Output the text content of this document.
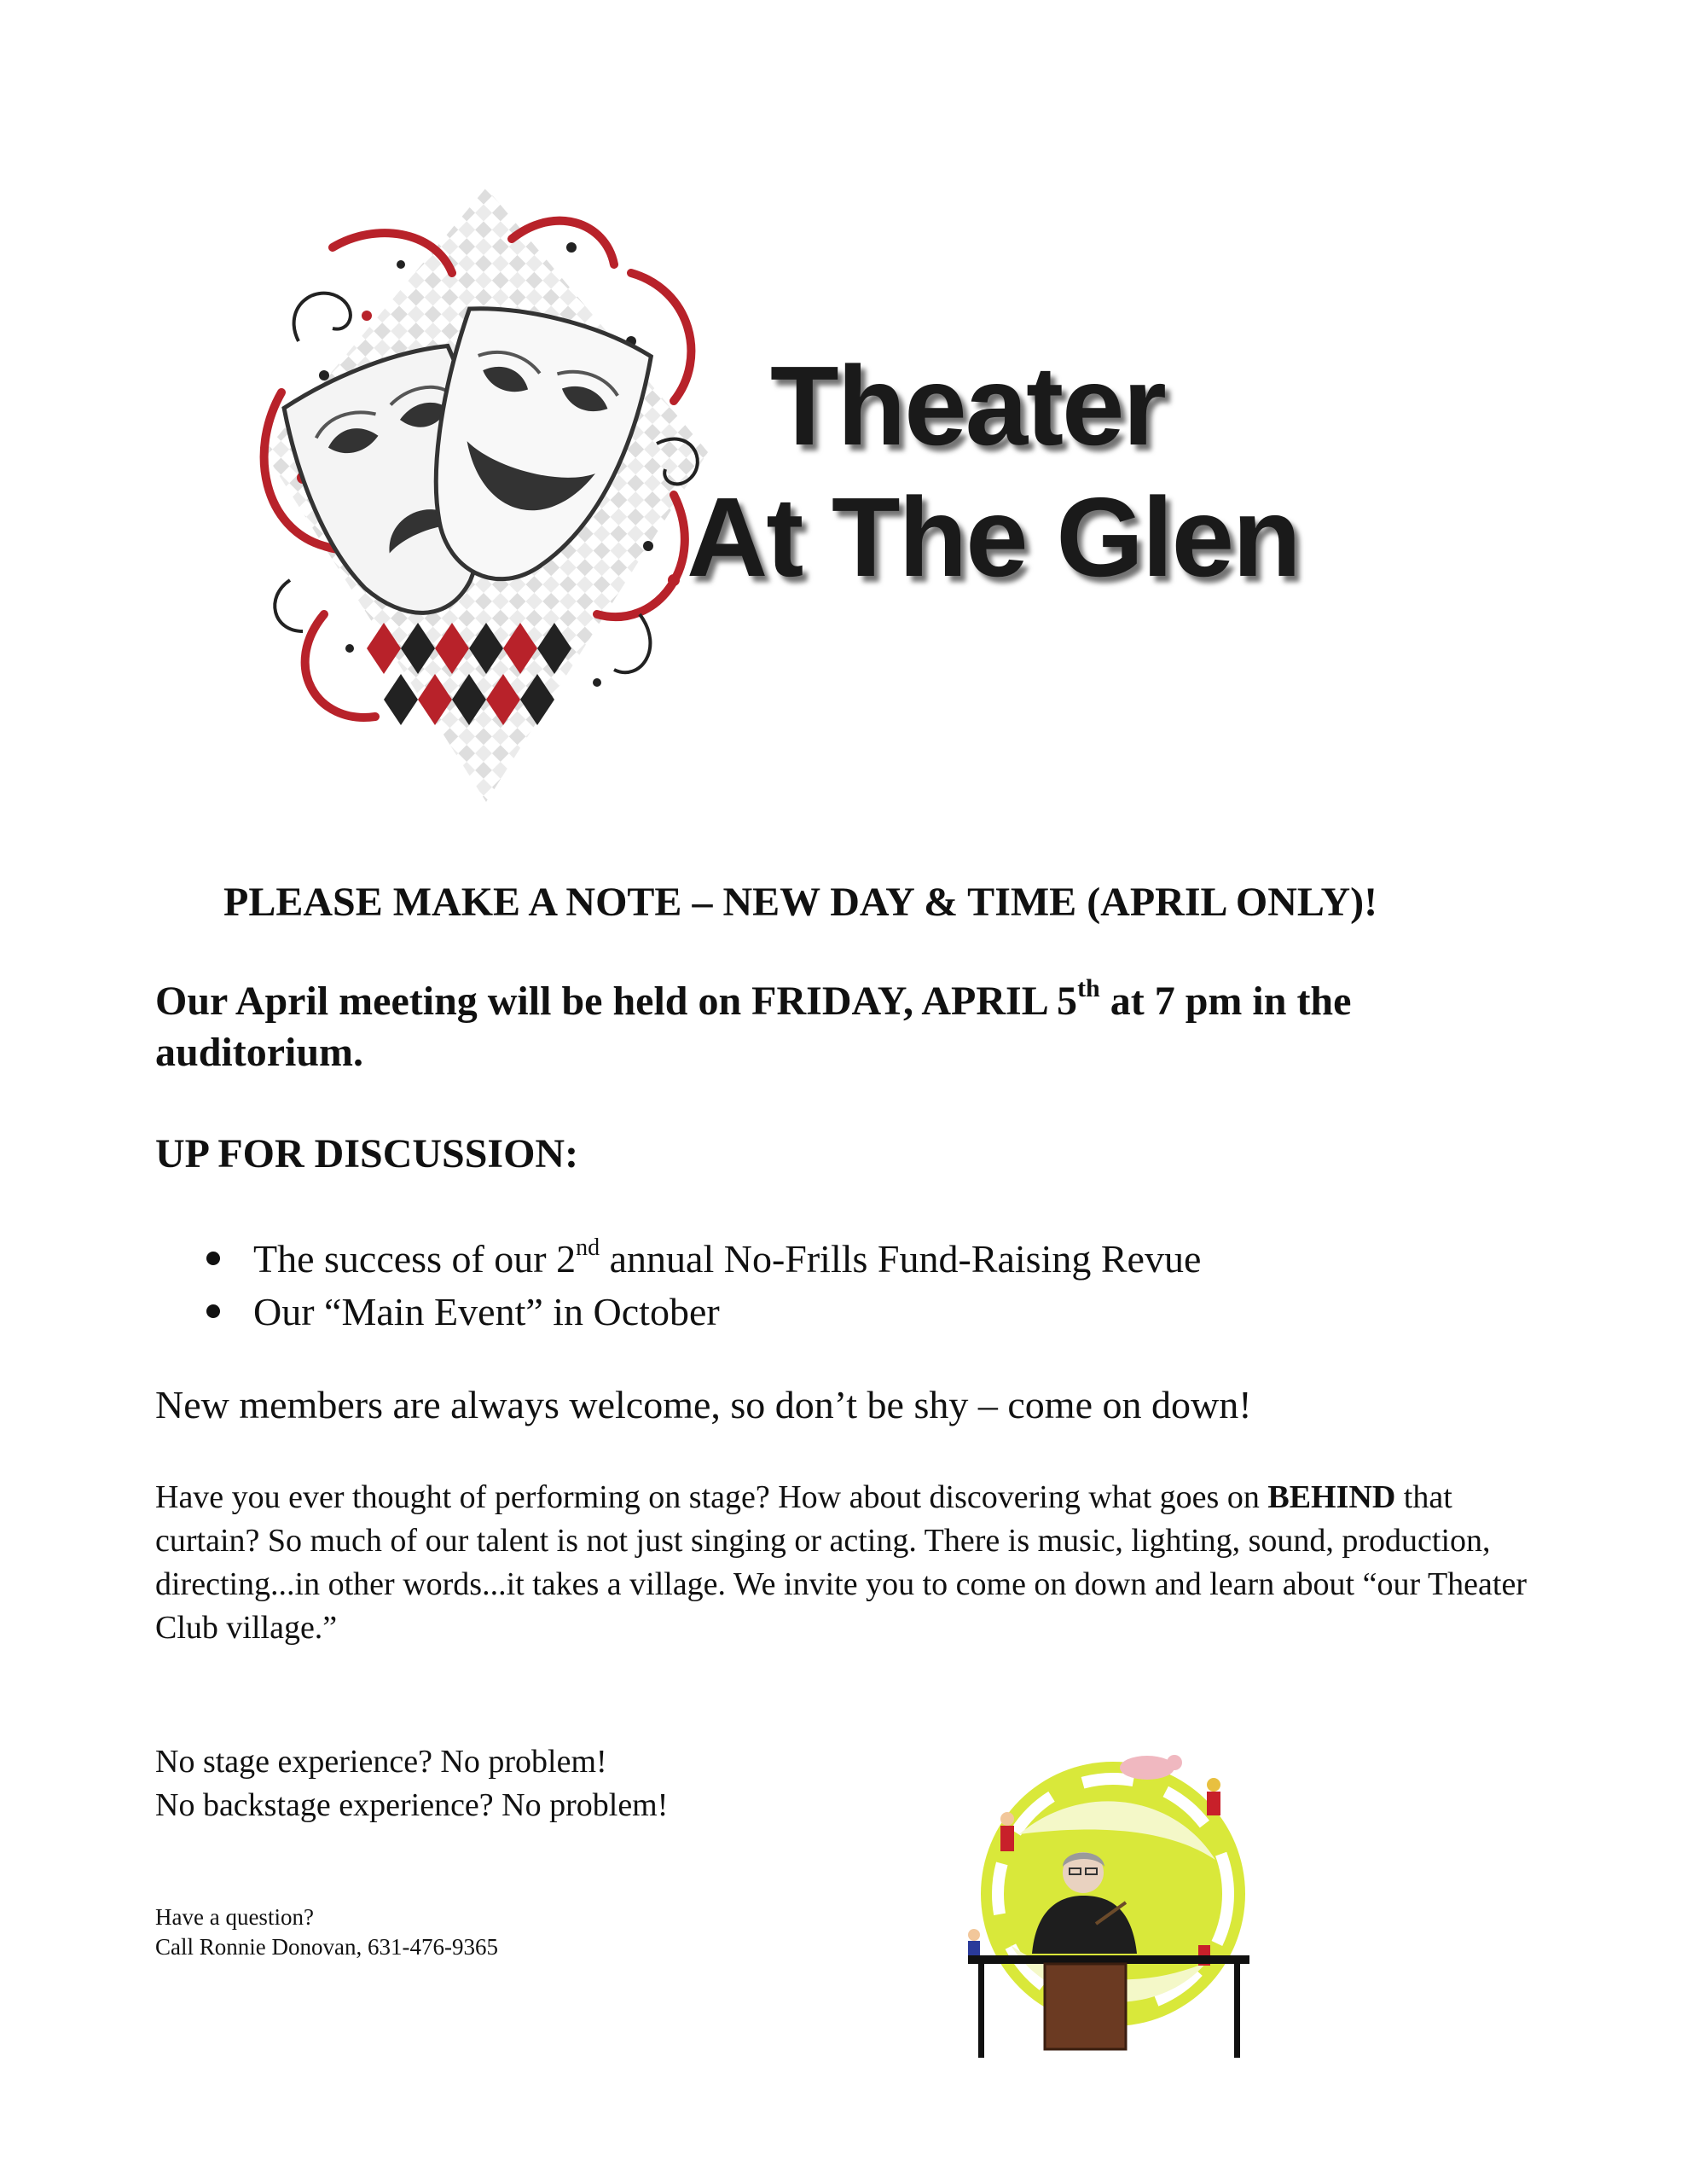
Theater
At The Glen
PLEASE MAKE A NOTE – NEW DAY & TIME (APRIL ONLY)!
Our April meeting will be held on FRIDAY, APRIL 5th at 7 pm in the auditorium.
UP FOR DISCUSSION:
The success of our 2nd annual No-Frills Fund-Raising Revue
Our “Main Event” in October
New members are always welcome, so don’t be shy – come on down!
Have you ever thought of performing on stage? How about discovering what goes on BEHIND that curtain? So much of our talent is not just singing or acting. There is music, lighting, sound, production, directing...in other words...it takes a village. We invite you to come on down and learn about “our Theater Club village.”
No stage experience? No problem!
No backstage experience? No problem!
Have a question?
Call Ronnie Donovan, 631-476-9365
